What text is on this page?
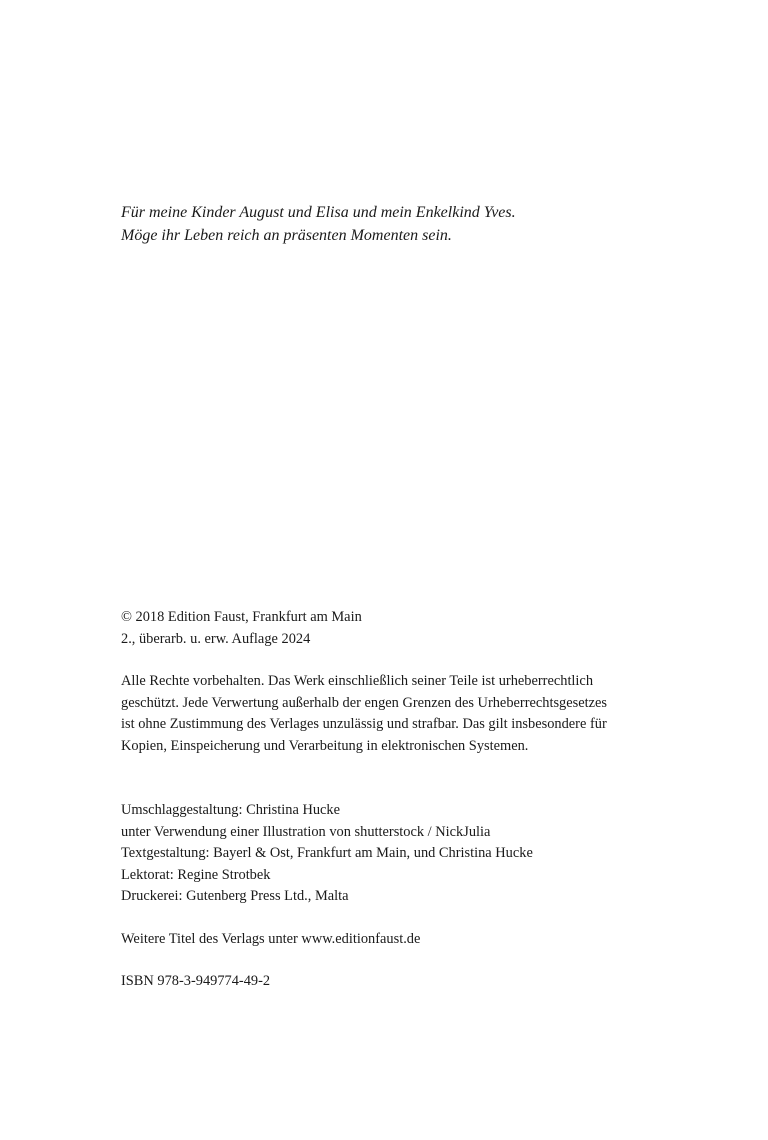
Für meine Kinder August und Elisa und mein Enkelkind Yves.
Möge ihr Leben reich an präsenten Momenten sein.
© 2018 Edition Faust, Frankfurt am Main
2., überarb. u. erw. Auflage 2024
Alle Rechte vorbehalten. Das Werk einschließlich seiner Teile ist urheberrechtlich
geschützt. Jede Verwertung außerhalb der engen Grenzen des Urheberrechtsgesetzes
ist ohne Zustimmung des Verlages unzulässig und strafbar. Das gilt insbesondere für
Kopien, Einspeicherung und Verarbeitung in elektronischen Systemen.
Umschlaggestaltung: Christina Hucke
unter Verwendung einer Illustration von shutterstock / NickJulia
Textgestaltung: Bayerl & Ost, Frankfurt am Main, und Christina Hucke
Lektorat: Regine Strotbek
Druckerei: Gutenberg Press Ltd., Malta
Weitere Titel des Verlags unter www.editionfaust.de
ISBN 978-3-949774-49-2
